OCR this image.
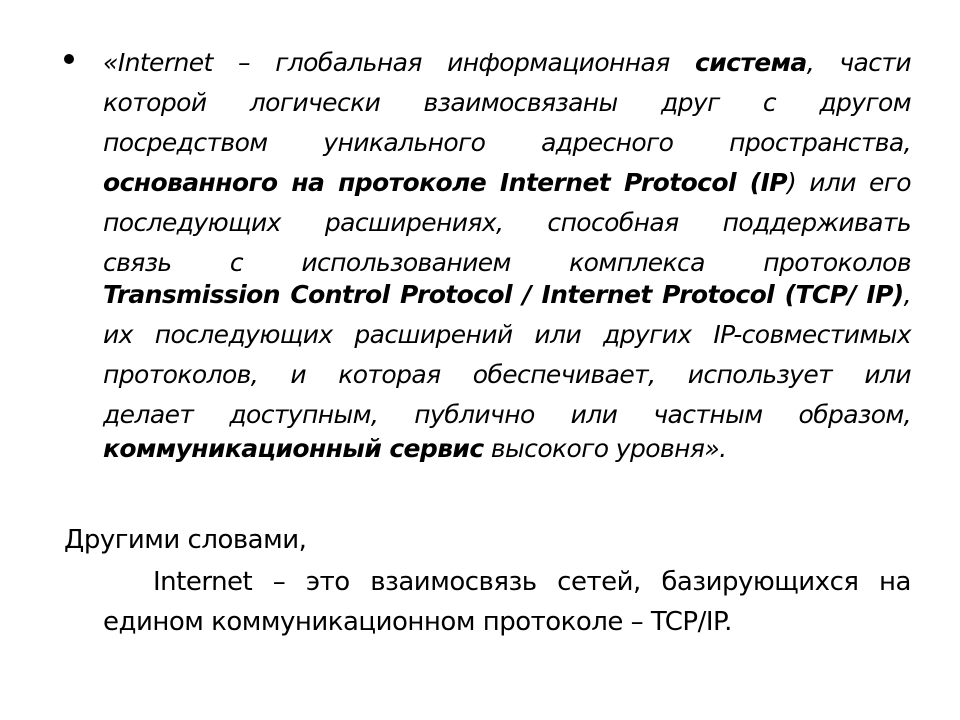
«Internet – глобальная информационная система, части
которой логически взаимосвязаны друг с другом
посредством уникального адресного пространства,
основанного на протоколе Internet Protocol (IP) или его
последующих расширениях, способная поддерживать
связь с использованием комплекса протоколов
Transmission Control Protocol / Internet Protocol (TCP/ IP),
их последующих расширений или других IP-совместимых
протоколов, и которая обеспечивает, использует или
делает доступным, публично или частным образом,
коммуникационный сервис высокого уровня».
Другими словами,
Internet – это взаимосвязь сетей, базирующихся на
едином коммуникационном протоколе – TCP/IP.
